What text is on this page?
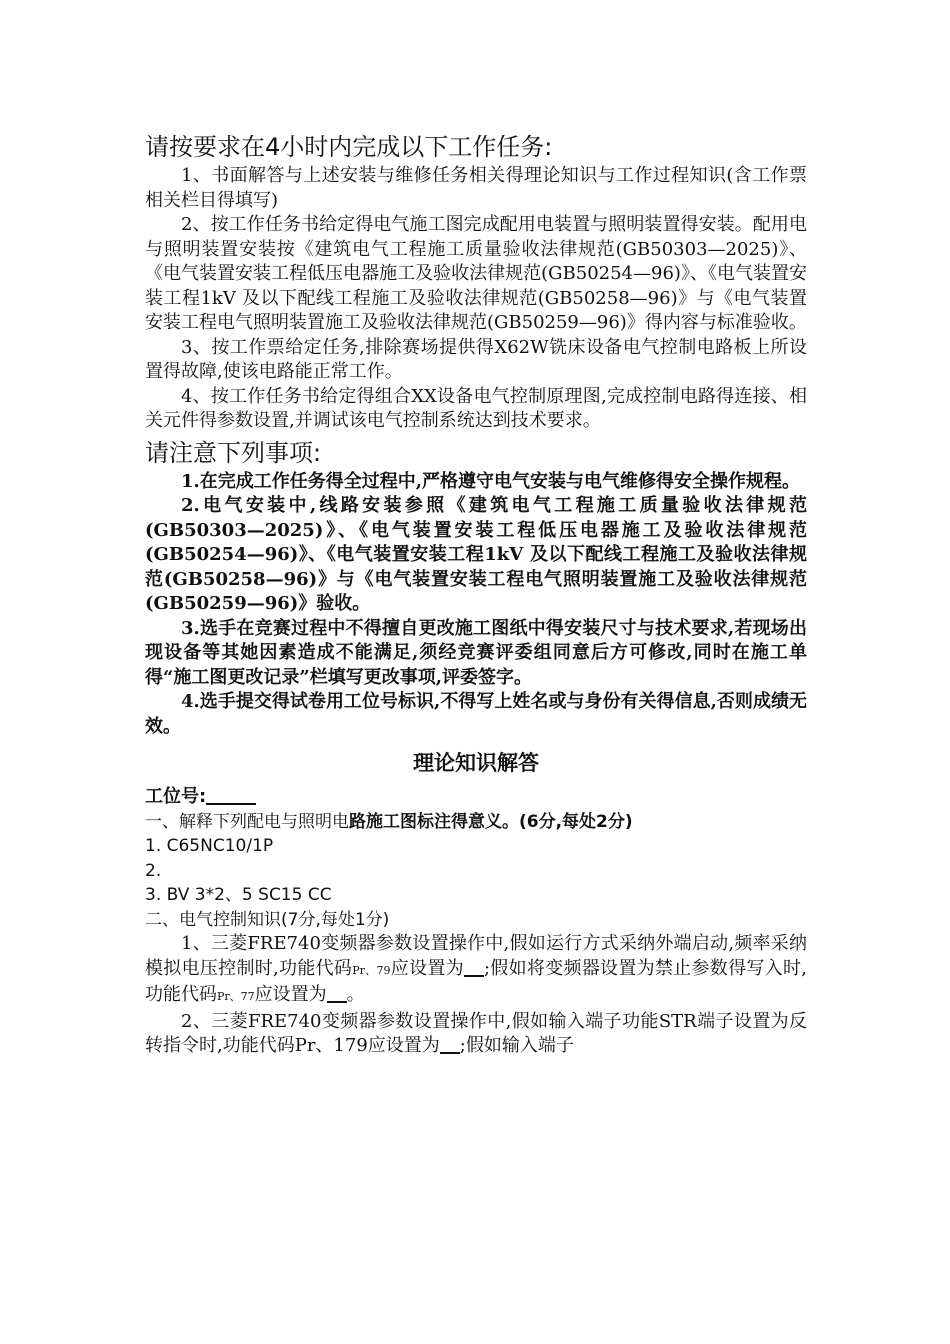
请按要求在4小时内完成以下工作任务:

1、书面解答与上述安装与维修任务相关得理论知识与工作过程知识(含工作票相关栏目得填写)

2、按工作任务书给定得电气施工图完成配用电装置与照明装置得安装。配用电与照明装置安装按《建筑电气工程施工质量验收法律规范(GB50303—2025)》、《电气装置安装工程低压电器施工及验收法律规范(GB50254—96)》、《电气装置安装工程1kV 及以下配线工程施工及验收法律规范(GB50258—96)》与《电气装置安装工程电气照明装置施工及验收法律规范(GB50259—96)》得内容与标准验收。

3、按工作票给定任务,排除赛场提供得X62W铣床设备电气控制电路板上所设置得故障,使该电路能正常工作。

4、按工作任务书给定得组合XX设备电气控制原理图,完成控制电路得连接、相关元件得参数设置,并调试该电气控制系统达到技术要求。

请注意下列事项:

1.在完成工作任务得全过程中,严格遵守电气安装与电气维修得安全操作规程。

2.电气安装中,线路安装参照《建筑电气工程施工质量验收法律规范(GB50303—2025)》、《电气装置安装工程低压电器施工及验收法律规范(GB50254—96)》、《电气装置安装工程1kV 及以下配线工程施工及验收法律规范(GB50258—96)》与《电气装置安装工程电气照明装置施工及验收法律规范(GB50259—96)》验收。

3.选手在竞赛过程中不得擅自更改施工图纸中得安装尺寸与技术要求,若现场出现设备等其她因素造成不能满足,须经竞赛评委组同意后方可修改,同时在施工单得“施工图更改记录”栏填写更改事项,评委签字。

4.选手提交得试卷用工位号标识,不得写上姓名或与身份有关得信息,否则成绩无效。

理论知识解答

工位号:

一、解释下列配电与照明电路施工图标注得意义。(6分,每处2分)

1. C65NC10/1P

2.

3. BV 3*2、5 SC15 CC

二、电气控制知识(7分,每处1分)

1、三菱FRE740变频器参数设置操作中,假如运行方式采纳外端启动,频率采纳模拟电压控制时,功能代码Pr、79应设置为 ;假如将变频器设置为禁止参数得写入时,功能代码Pr、77应设置为 。

2、三菱FRE740变频器参数设置操作中,假如输入端子功能STR端子设置为反转指令时,功能代码Pr、179应设置为 ;假如输入端子
